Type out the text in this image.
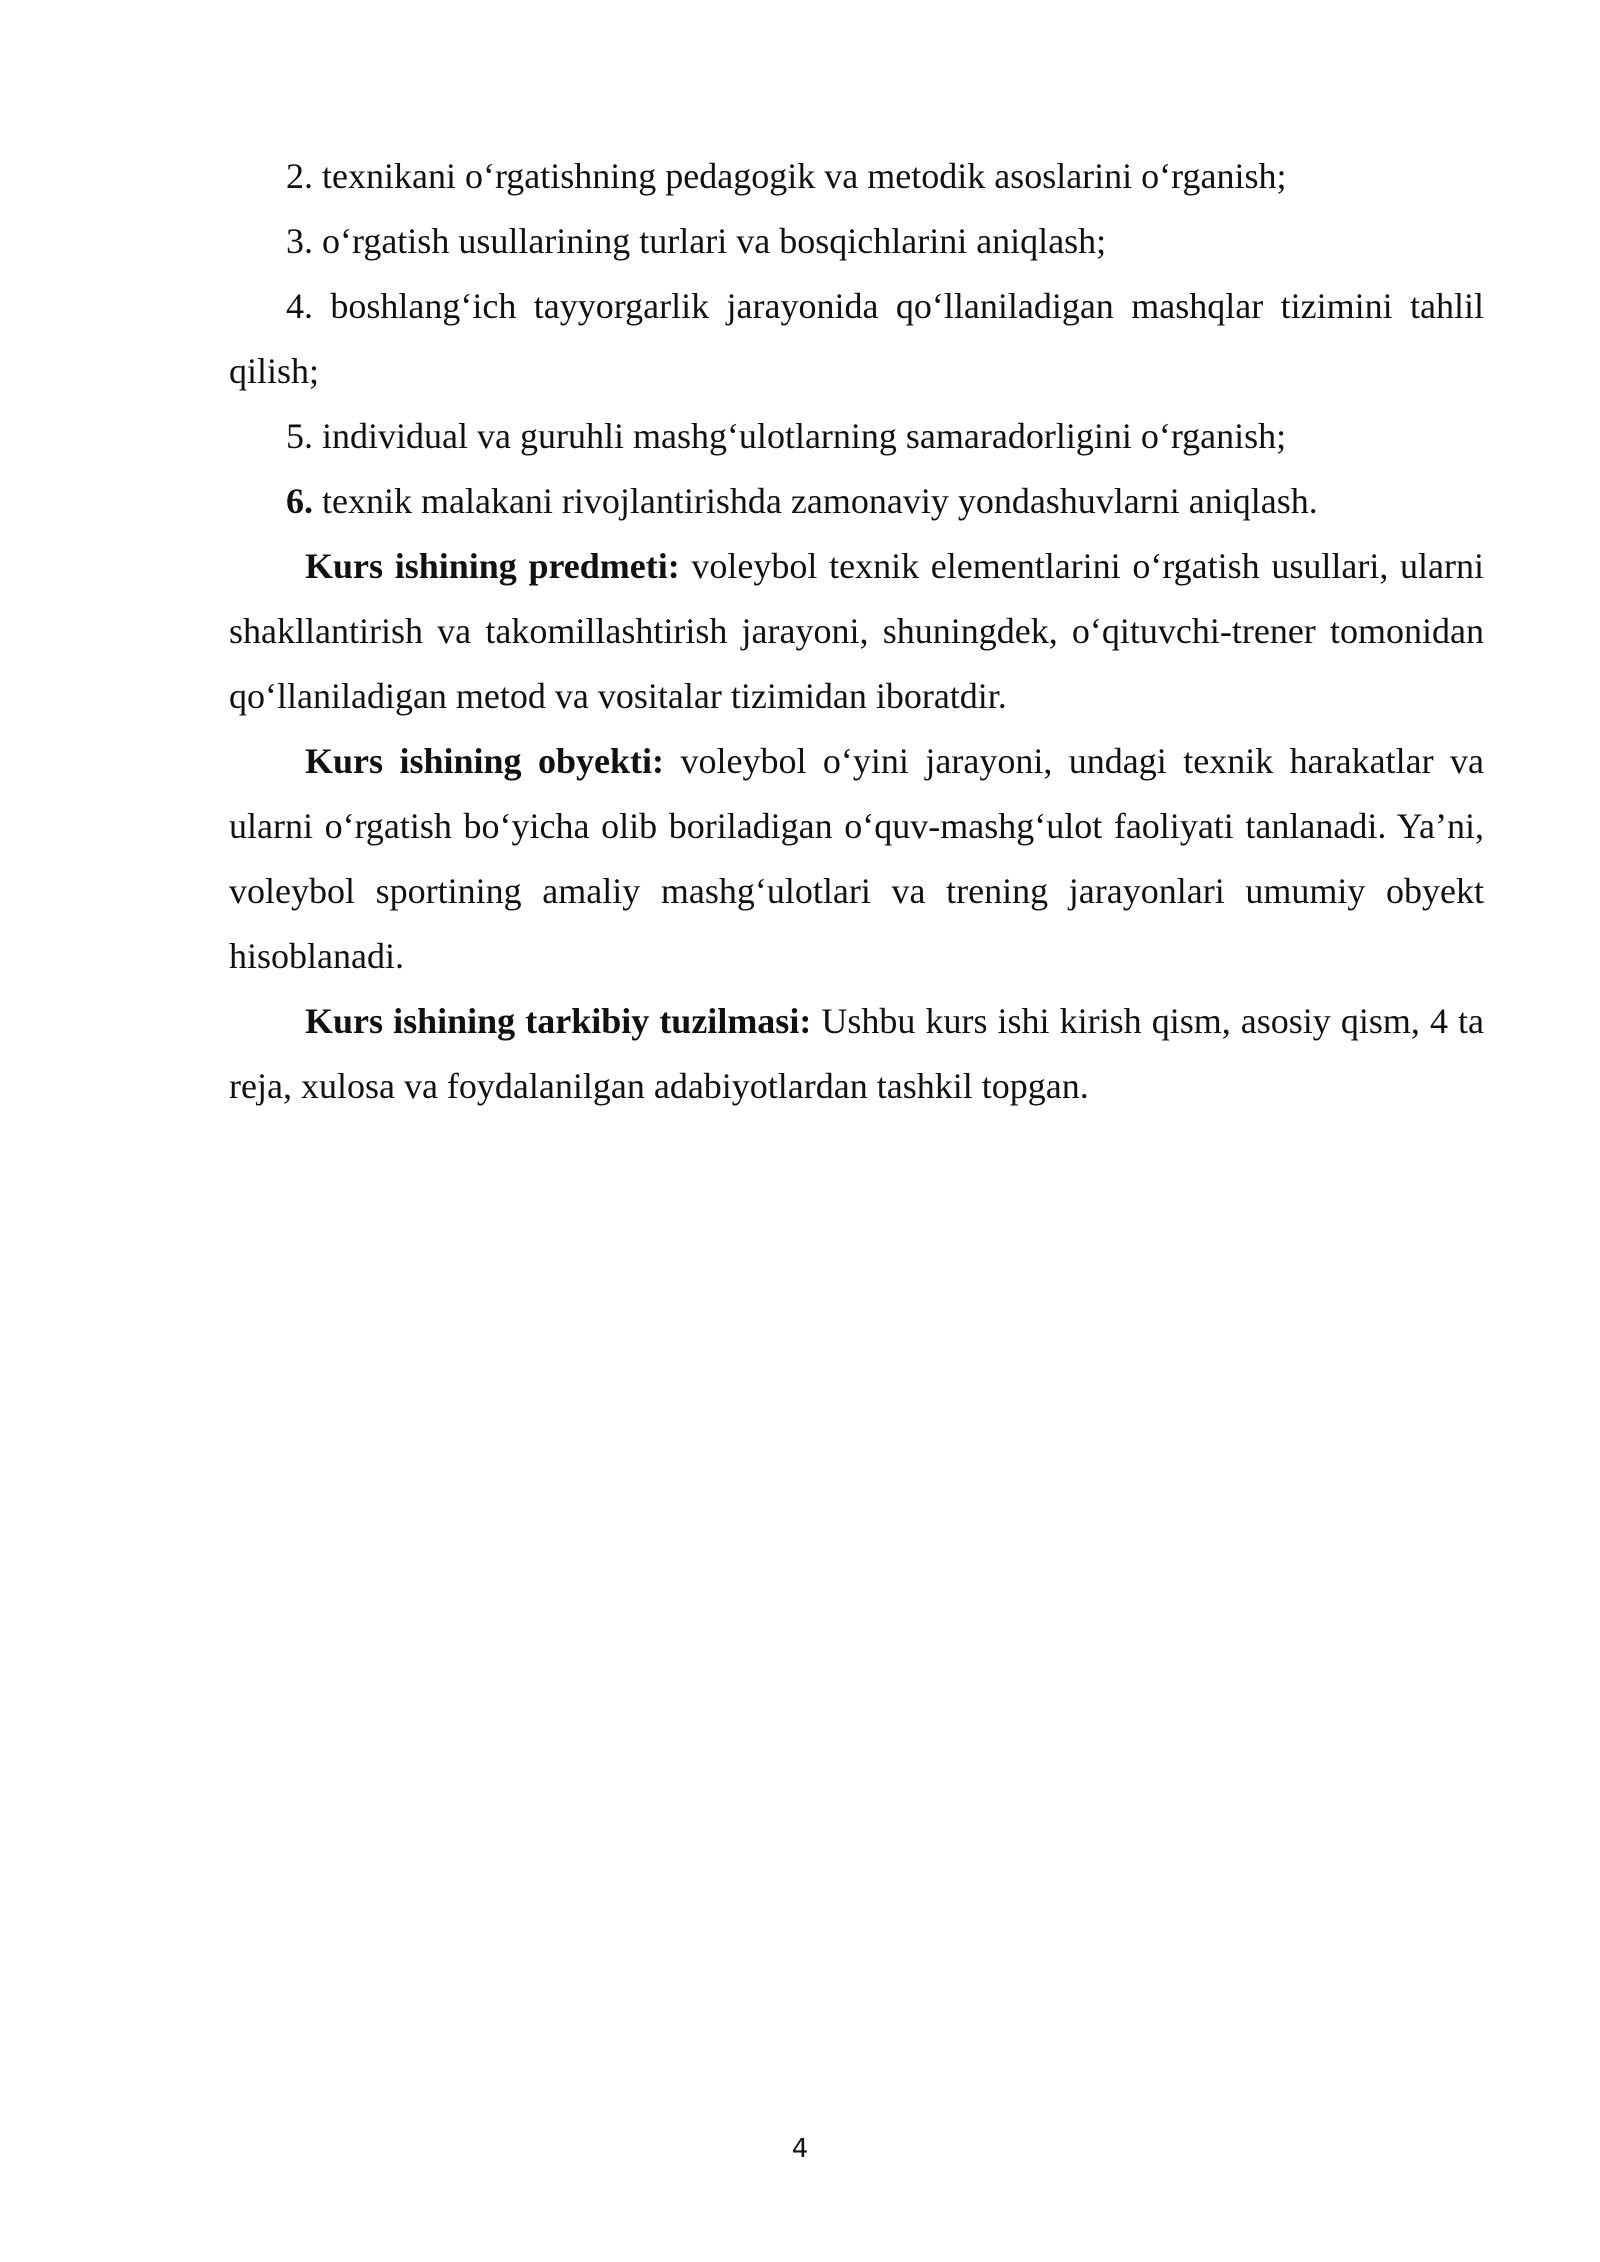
2. texnikani o‘rgatishning pedagogik va metodik asoslarini o‘rganish;

3. o‘rgatish usullarining turlari va bosqichlarini aniqlash;

4. boshlang‘ich tayyorgarlik jarayonida qo‘llaniladigan mashqlar tizimini tahlil qilish;

5. individual va guruhli mashg‘ulotlarning samaradorligini o‘rganish;

6. texnik malakani rivojlantirishda zamonaviy yondashuvlarni aniqlash.

Kurs ishining predmeti: voleybol texnik elementlarini o‘rgatish usullari, ularni shakllantirish va takomillashtirish jarayoni, shuningdek, o‘qituvchi-trener tomonidan qo‘llaniladigan metod va vositalar tizimidan iboratdir.

Kurs ishining obyekti: voleybol o‘yini jarayoni, undagi texnik harakatlar va ularni o‘rgatish bo‘yicha olib boriladigan o‘quv-mashg‘ulot faoliyati tanlanadi. Ya’ni, voleybol sportining amaliy mashg‘ulotlari va trening jarayonlari umumiy obyekt hisoblanadi.

Kurs ishining tarkibiy tuzilmasi: Ushbu kurs ishi kirish qism, asosiy qism, 4 ta reja, xulosa va foydalanilgan adabiyotlardan tashkil topgan.

4
